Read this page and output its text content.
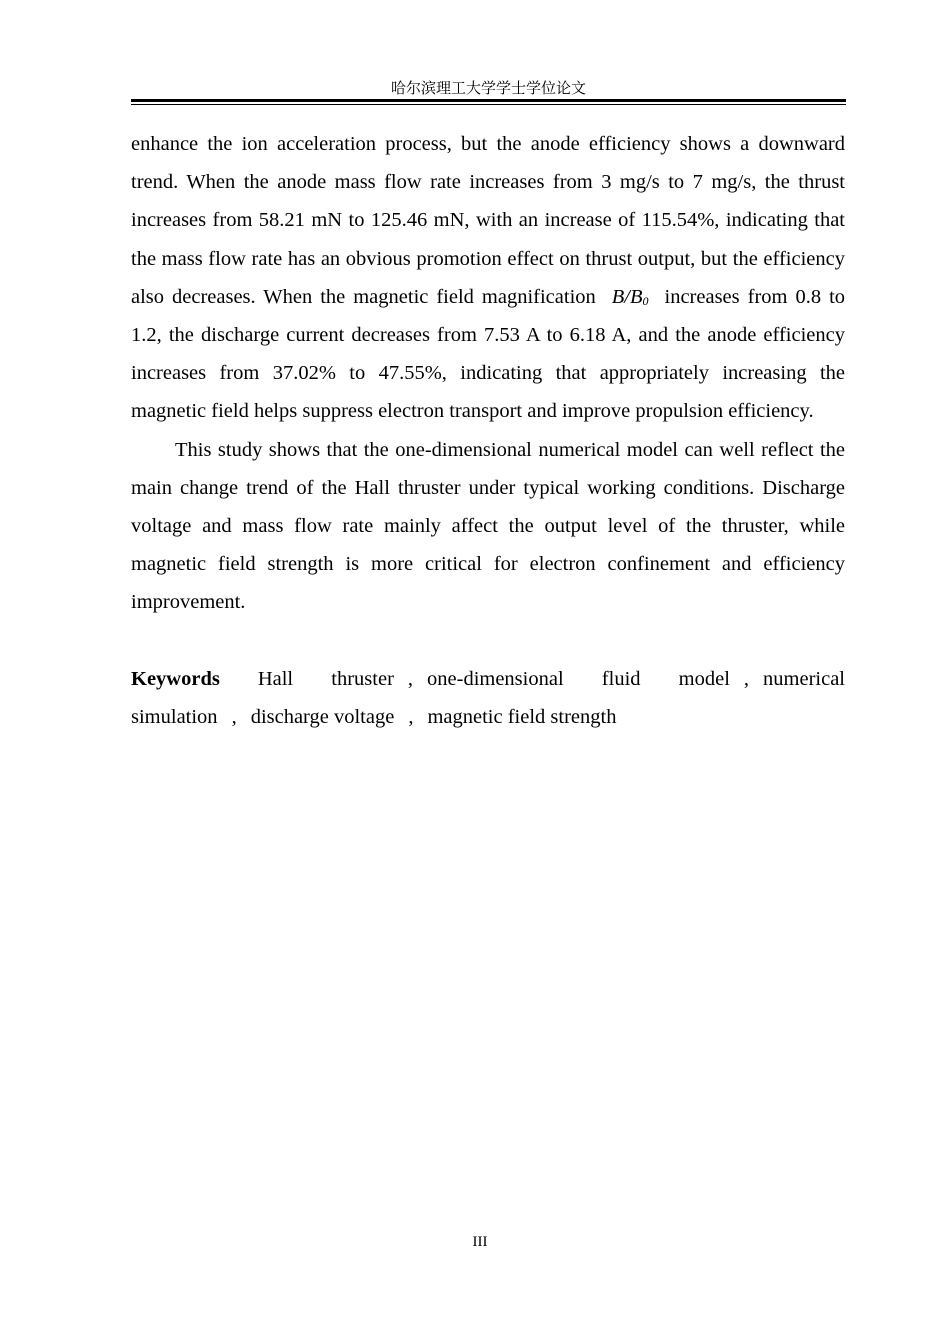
哈尔滨理工大学学士学位论文

enhance the ion acceleration process, but the anode efficiency shows a downward trend. When the anode mass flow rate increases from 3 mg/s to 7 mg/s, the thrust increases from 58.21 mN to 125.46 mN, with an increase of 115.54%, indicating that the mass flow rate has an obvious promotion effect on thrust output, but the efficiency also decreases. When the magnetic field magnification $B/B_0$ increases from 0.8 to 1.2, the discharge current decreases from 7.53 A to 6.18 A, and the anode efficiency increases from 37.02% to 47.55%, indicating that appropriately increasing the magnetic field helps suppress electron transport and improve propulsion efficiency.

This study shows that the one-dimensional numerical model can well reflect the main change trend of the Hall thruster under typical working conditions. Discharge voltage and mass flow rate mainly affect the output level of the thruster, while magnetic field strength is more critical for electron confinement and efficiency improvement.

Keywords Hall thruster , one-dimensional fluid model , numerical simulation , discharge voltage , magnetic field strength

III
